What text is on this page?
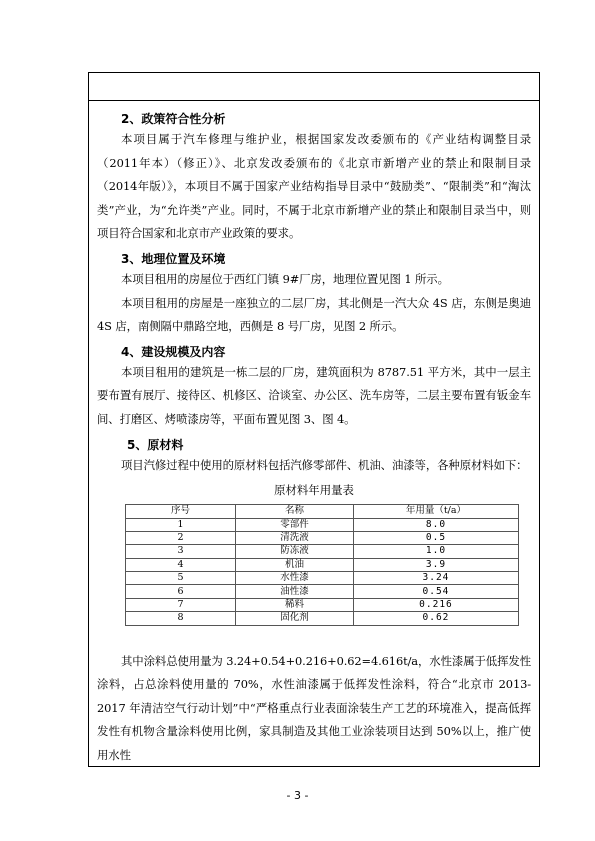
2、政策符合性分析

本项目属于汽车修理与维护业，根据国家发改委颁布的《产业结构调整目录（2011年本）（修正）》、北京发改委颁布的《北京市新增产业的禁止和限制目录（2014年版）》，本项目不属于国家产业结构指导目录中“鼓励类”、“限制类”和“淘汰类”产业，为“允许类”产业。同时，不属于北京市新增产业的禁止和限制目录当中，则项目符合国家和北京市产业政策的要求。

3、地理位置及环境

本项目租用的房屋位于西红门镇 9#厂房，地理位置见图 1 所示。

本项目租用的房屋是一座独立的二层厂房，其北侧是一汽大众 4S 店，东侧是奥迪 4S 店，南侧隔中鼎路空地，西侧是 8 号厂房，见图 2 所示。

4、建设规模及内容

本项目租用的建筑是一栋二层的厂房，建筑面积为 8787.51 平方米，其中一层主要布置有展厅、接待区、机修区、洽谈室、办公区、洗车房等，二层主要布置有钣金车间、打磨区、烤喷漆房等，平面布置见图 3、图 4。

5、原材料

项目汽修过程中使用的原材料包括汽修零部件、机油、油漆等，各种原材料如下：

原材料年用量表
序号	名称	年用量（t/a）
1	零部件	8.0
2	清洗液	0.5
3	防冻液	1.0
4	机油	3.9
5	水性漆	3.24
6	油性漆	0.54
7	稀料	0.216
8	固化剂	0.62

其中涂料总使用量为 3.24+0.54+0.216+0.62=4.616t/a，水性漆属于低挥发性涂料，占总涂料使用量的 70%，水性油漆属于低挥发性涂料，符合“北京市 2013-2017 年清洁空气行动计划”中“严格重点行业表面涂装生产工艺的环境准入，提高低挥发性有机物含量涂料使用比例，家具制造及其他工业涂装项目达到 50%以上，推广使用水性

- 3 -
